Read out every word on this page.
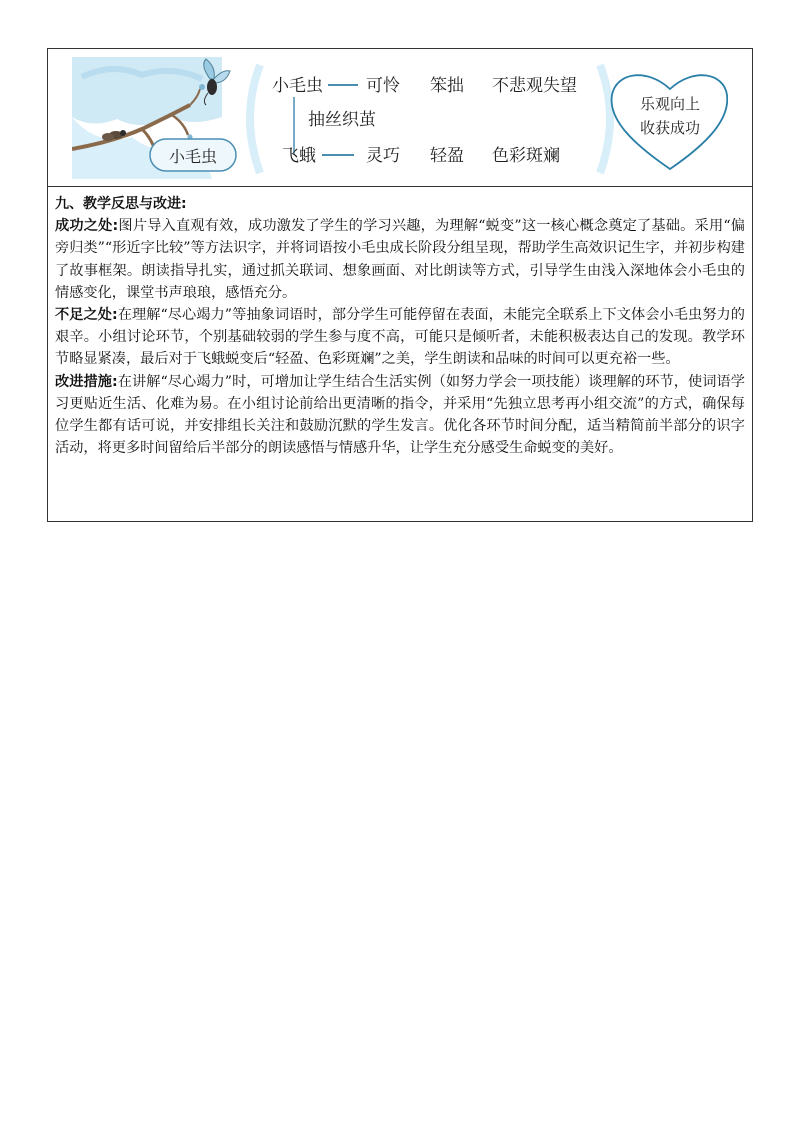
小毛虫
小毛虫	可怜 笨拙 不悲观失望
抽丝织茧
飞蛾	灵巧 轻盈 色彩斑斓
乐观向上
收获成功

九、教学反思与改进:

成功之处:图片导入直观有效，成功激发了学生的学习兴趣，为理解“蜕变”这一核心概念奠定了基础。采用“偏旁归类”“形近字比较”等方法识字，并将词语按小毛虫成长阶段分组呈现，帮助学生高效识记生字，并初步构建了故事框架。朗读指导扎实，通过抓关联词、想象画面、对比朗读等方式，引导学生由浅入深地体会小毛虫的情感变化，课堂书声琅琅，感悟充分。

不足之处:在理解“尽心竭力”等抽象词语时，部分学生可能停留在表面，未能完全联系上下文体会小毛虫努力的艰辛。小组讨论环节，个别基础较弱的学生参与度不高，可能只是倾听者，未能积极表达自己的发现。教学环节略显紧凑，最后对于飞蛾蜕变后“轻盈、色彩斑斓”之美，学生朗读和品味的时间可以更充裕一些。

改进措施:在讲解“尽心竭力”时，可增加让学生结合生活实例（如努力学会一项技能）谈理解的环节，使词语学习更贴近生活、化难为易。在小组讨论前给出更清晰的指令，并采用“先独立思考再小组交流”的方式，确保每位学生都有话可说，并安排组长关注和鼓励沉默的学生发言。优化各环节时间分配，适当精简前半部分的识字活动，将更多时间留给后半部分的朗读感悟与情感升华，让学生充分感受生命蜕变的美好。
